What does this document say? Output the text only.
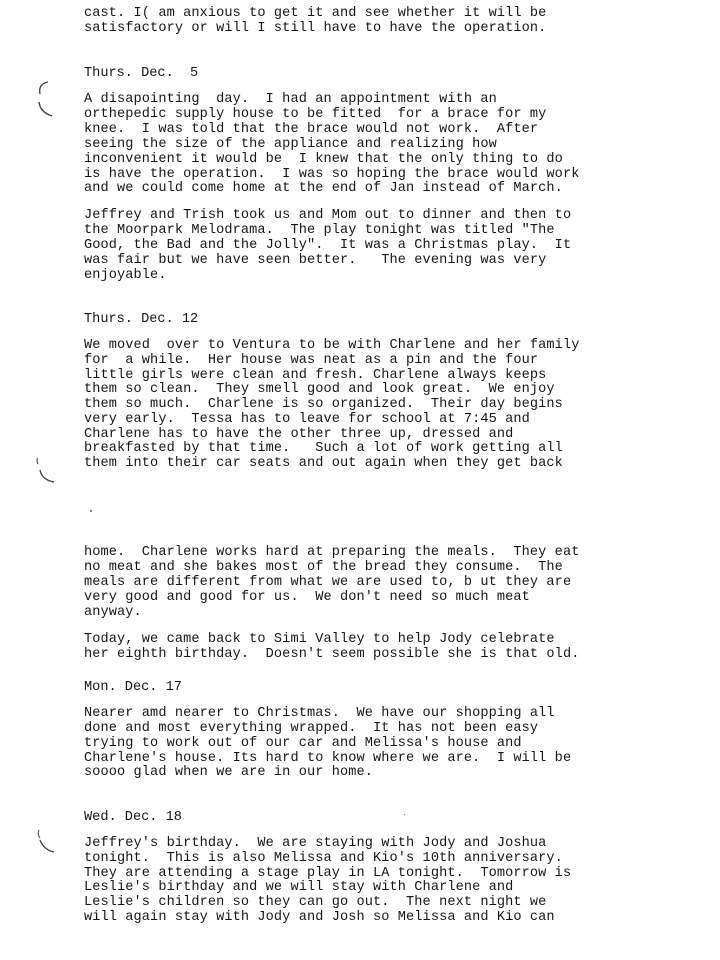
cast. I( am anxious to get it and see whether it will be
satisfactory or will I still have to have the operation.
Thurs. Dec.  5
A disapointing  day.  I had an appointment with an
orthepedic supply house to be fitted  for a brace for my
knee.  I was told that the brace would not work.  After
seeing the size of the appliance and realizing how
inconvenient it would be  I knew that the only thing to do
is have the operation.  I was so hoping the brace would work
and we could come home at the end of Jan instead of March.
Jeffrey and Trish took us and Mom out to dinner and then to
the Moorpark Melodrama.  The play tonight was titled "The
Good, the Bad and the Jolly".  It was a Christmas play.  It
was fair but we have seen better.   The evening was very
enjoyable.
Thurs. Dec. 12
We moved  over to Ventura to be with Charlene and her family
for  a while.  Her house was neat as a pin and the four
little girls were clean and fresh. Charlene always keeps
them so clean.  They smell good and look great.  We enjoy
them so much.  Charlene is so organized.  Their day begins
very early.  Tessa has to leave for school at 7:45 and
Charlene has to have the other three up, dressed and
breakfasted by that time.   Such a lot of work getting all
them into their car seats and out again when they get back
home.  Charlene works hard at preparing the meals.  They eat
no meat and she bakes most of the bread they consume.  The
meals are different from what we are used to, b ut they are
very good and good for us.  We don't need so much meat
anyway.
Today, we came back to Simi Valley to help Jody celebrate
her eighth birthday.  Doesn't seem possible she is that old.
Mon. Dec. 17
Nearer amd nearer to Christmas.  We have our shopping all
done and most everything wrapped.  It has not been easy
trying to work out of our car and Melissa's house and
Charlene's house. Its hard to know where we are.  I will be
soooo glad when we are in our home.
Wed. Dec. 18
Jeffrey's birthday.  We are staying with Jody and Joshua
tonight.  This is also Melissa and Kio's 10th anniversary.
They are attending a stage play in LA tonight.  Tomorrow is
Leslie's birthday and we will stay with Charlene and
Leslie's children so they can go out.  The next night we
will again stay with Jody and Josh so Melissa and Kio can
